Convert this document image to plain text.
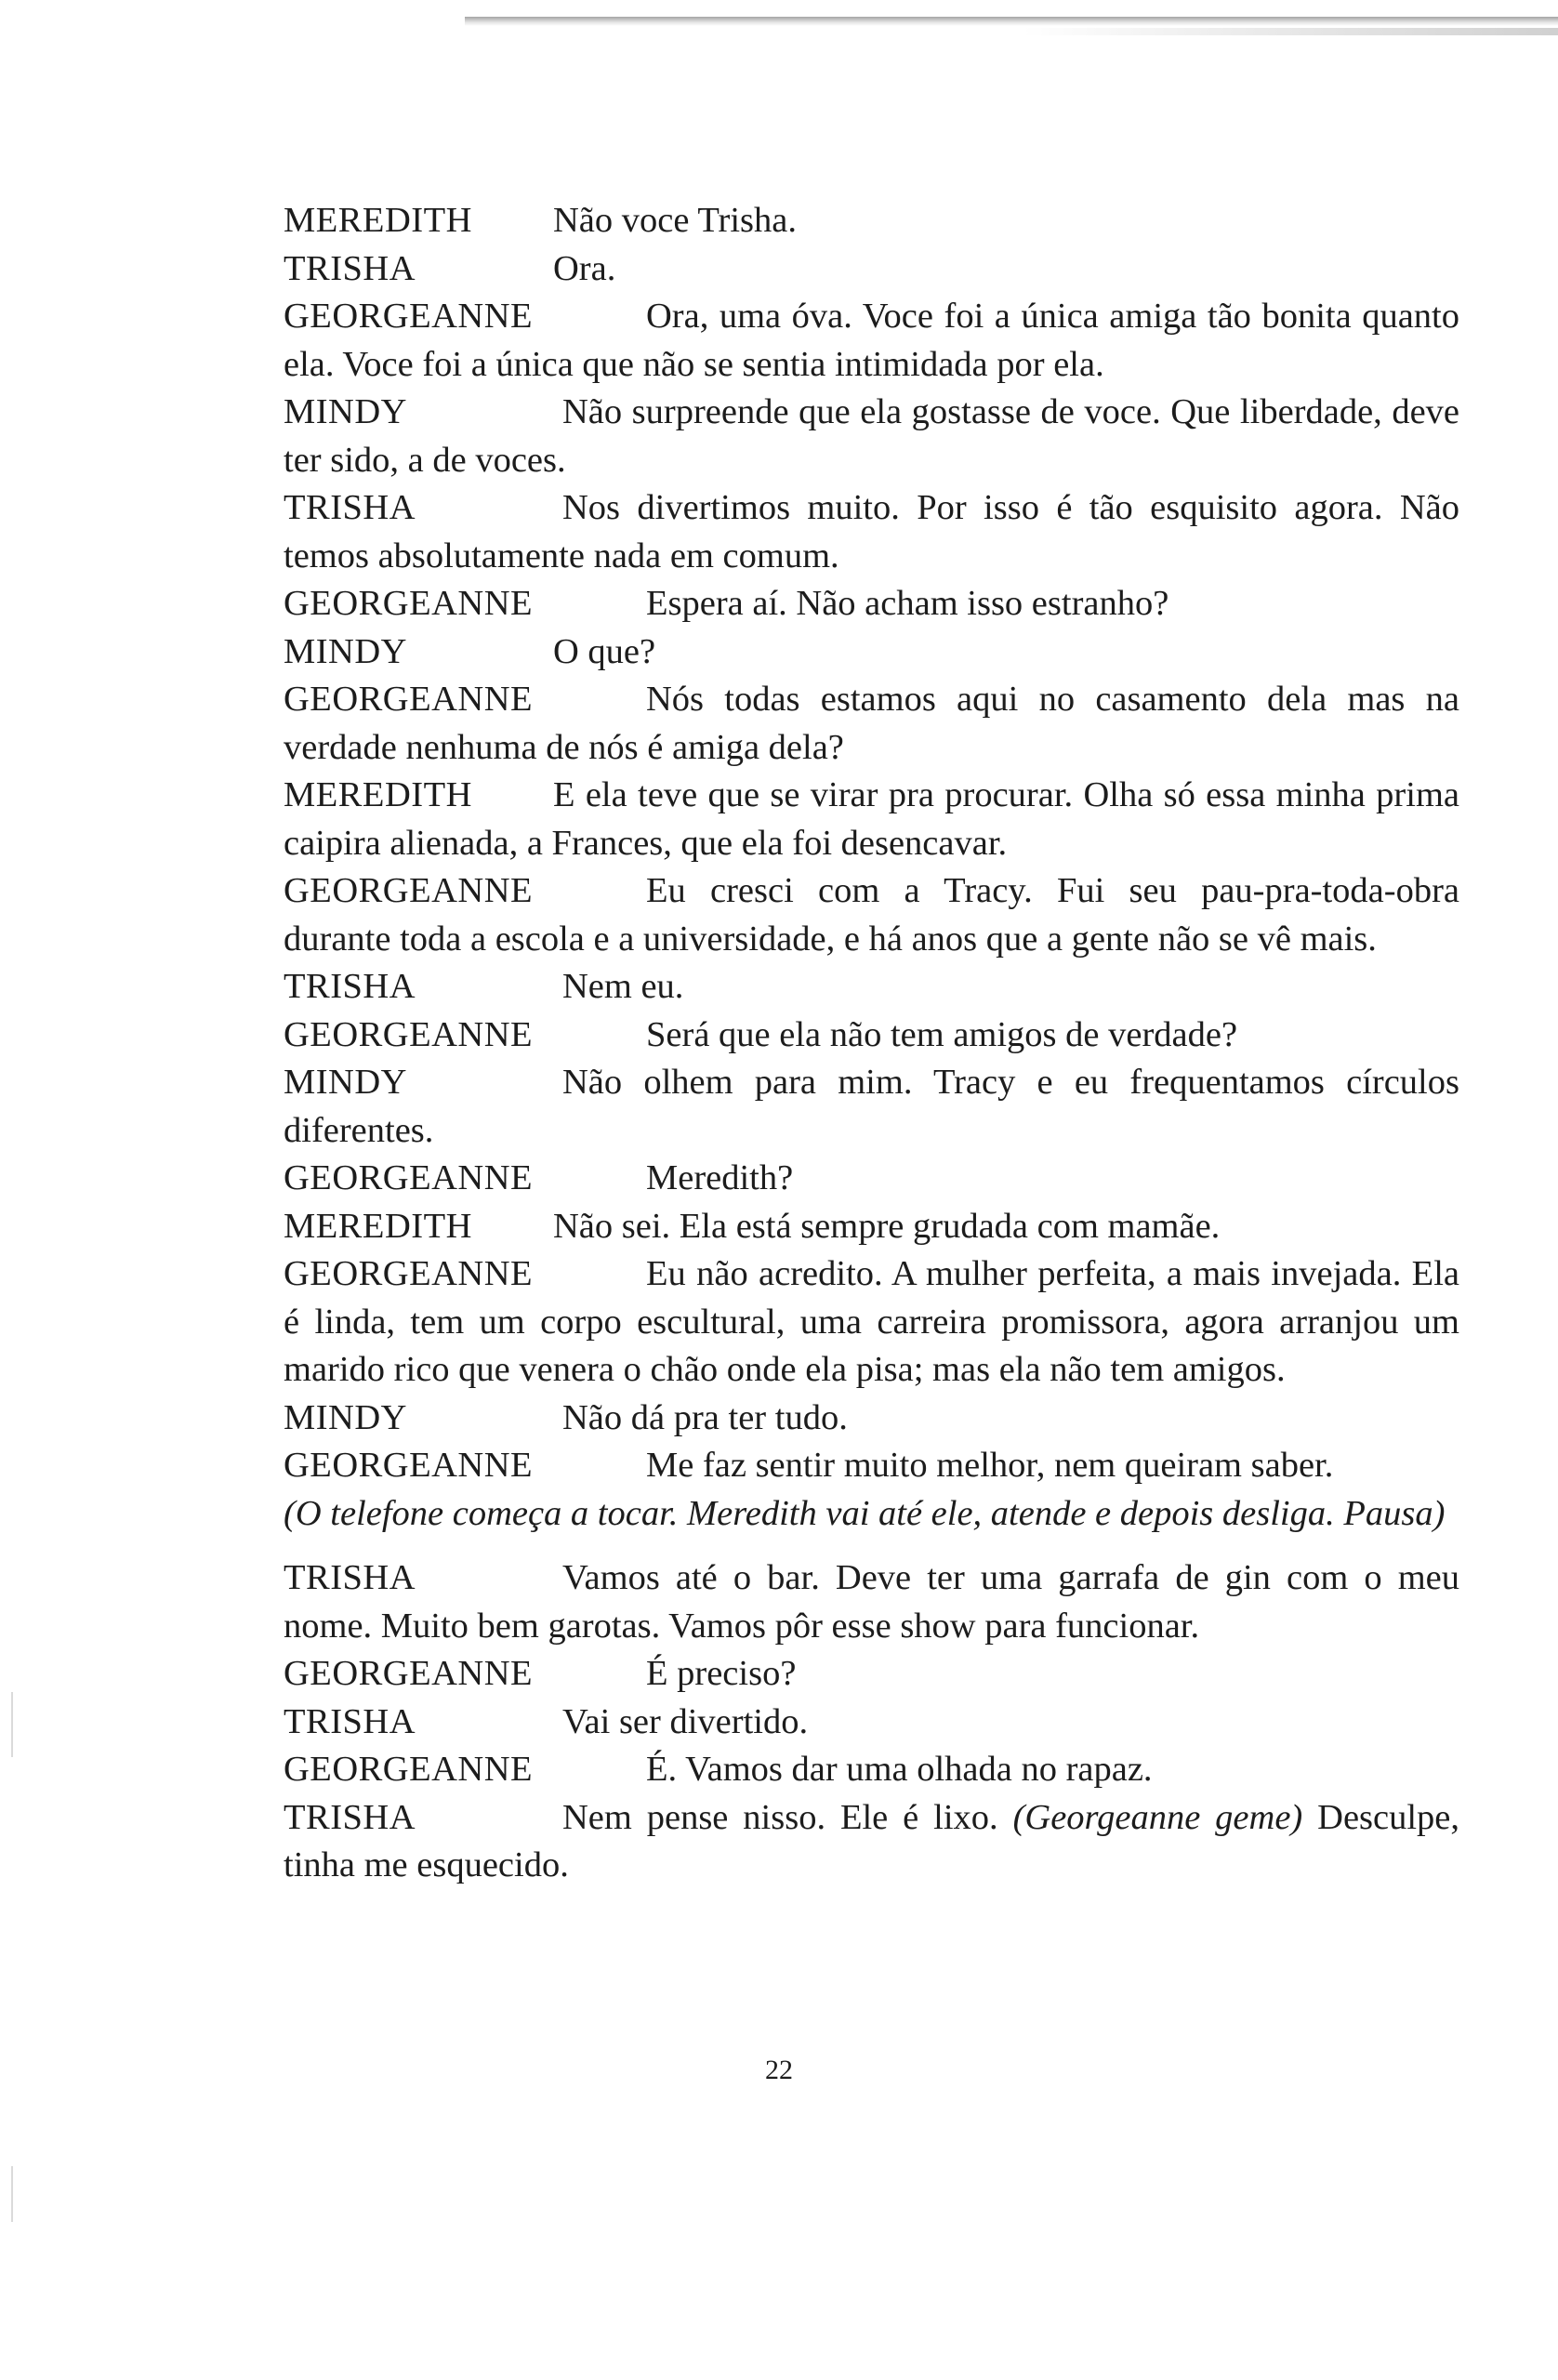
MEREDITH Não voce Trisha.

TRISHA	Ora.

GEORGEANNE	Ora, uma óva. Voce foi a única amiga tão bonita quanto ela. Voce foi a única que não se sentia intimidada por ela.

MINDY	Não surpreende que ela gostasse de voce. Que liberdade, deve ter sido, a de voces.

TRISHA	Nos divertimos muito. Por isso é tão esquisito agora. Não temos absolutamente nada em comum.

GEORGEANNE	Espera aí. Não acham isso estranho?

MINDY	O que?

GEORGEANNE	Nós todas estamos aqui no casamento dela mas na verdade nenhuma de nós é amiga dela?

MEREDITH E ela teve que se virar pra procurar. Olha só essa minha prima caipira alienada, a Frances, que ela foi desencavar.

GEORGEANNE	Eu cresci com a Tracy. Fui seu pau-pra-toda-obra durante toda a escola e a universidade, e há anos que a gente não se vê mais.

TRISHA	Nem eu.

GEORGEANNE	Será que ela não tem amigos de verdade?

MINDY	Não olhem para mim. Tracy e eu frequentamos círculos diferentes.

GEORGEANNE	Meredith?

MEREDITH Não sei. Ela está sempre grudada com mamãe.

GEORGEANNE	Eu não acredito. A mulher perfeita, a mais invejada. Ela é linda, tem um corpo escultural, uma carreira promissora, agora arranjou um marido rico que venera o chão onde ela pisa; mas ela não tem amigos.

MINDY	Não dá pra ter tudo.

GEORGEANNE	Me faz sentir muito melhor, nem queiram saber.

(O telefone começa a tocar. Meredith vai até ele, atende e depois desliga. Pausa)

TRISHA	Vamos até o bar. Deve ter uma garrafa de gin com o meu nome. Muito bem garotas. Vamos pôr esse show para funcionar.

GEORGEANNE	É preciso?

TRISHA	Vai ser divertido.

GEORGEANNE	É. Vamos dar uma olhada no rapaz.

TRISHA	Nem pense nisso. Ele é lixo. (Georgeanne geme) Desculpe, tinha me esquecido.

22
